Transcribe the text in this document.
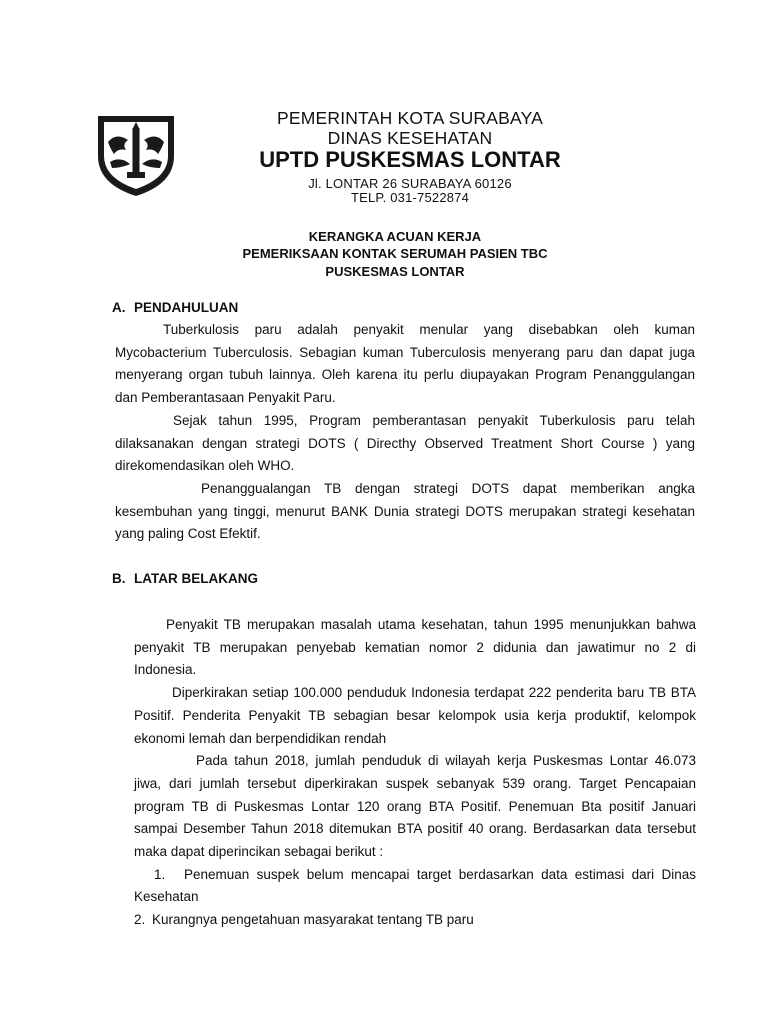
PEMERINTAH KOTA SURABAYA
DINAS KESEHATAN
UPTD PUSKESMAS LONTAR
Jl. LONTAR 26 SURABAYA 60126
TELP. 031-7522874
KERANGKA ACUAN KERJA
PEMERIKSAAN KONTAK SERUMAH PASIEN TBC
PUSKESMAS LONTAR
A. PENDAHULUAN

Tuberkulosis paru adalah penyakit menular yang disebabkan oleh kuman Mycobacterium Tuberculosis. Sebagian kuman Tuberculosis menyerang paru dan dapat juga menyerang organ tubuh lainnya. Oleh karena itu perlu diupayakan Program Penanggulangan dan Pemberantasaan Penyakit Paru.

Sejak tahun 1995, Program pemberantasan penyakit Tuberkulosis paru telah dilaksanakan dengan strategi DOTS ( Directhy Observed Treatment Short Course ) yang direkomendasikan oleh WHO.

Penanggualangan TB dengan strategi DOTS dapat memberikan angka kesembuhan yang tinggi, menurut BANK Dunia strategi DOTS merupakan strategi kesehatan yang paling Cost Efektif.

B. LATAR BELAKANG

Penyakit TB merupakan masalah utama kesehatan, tahun 1995 menunjukkan bahwa penyakit TB merupakan penyebab kematian nomor 2 didunia dan jawatimur no 2 di Indonesia.

Diperkirakan setiap 100.000 penduduk Indonesia terdapat 222 penderita baru TB BTA Positif. Penderita Penyakit TB sebagian besar kelompok usia kerja produktif, kelompok ekonomi lemah dan berpendidikan rendah

Pada tahun 2018, jumlah penduduk di wilayah kerja Puskesmas Lontar 46.073 jiwa, dari jumlah tersebut diperkirakan suspek sebanyak 539 orang. Target Pencapaian program TB di Puskesmas Lontar 120 orang BTA Positif. Penemuan Bta positif Januari sampai Desember Tahun 2018 ditemukan BTA positif 40 orang. Berdasarkan data tersebut maka dapat diperincikan sebagai berikut :

1. Penemuan suspek belum mencapai target berdasarkan data estimasi dari Dinas Kesehatan

2. Kurangnya pengetahuan masyarakat tentang TB paru
